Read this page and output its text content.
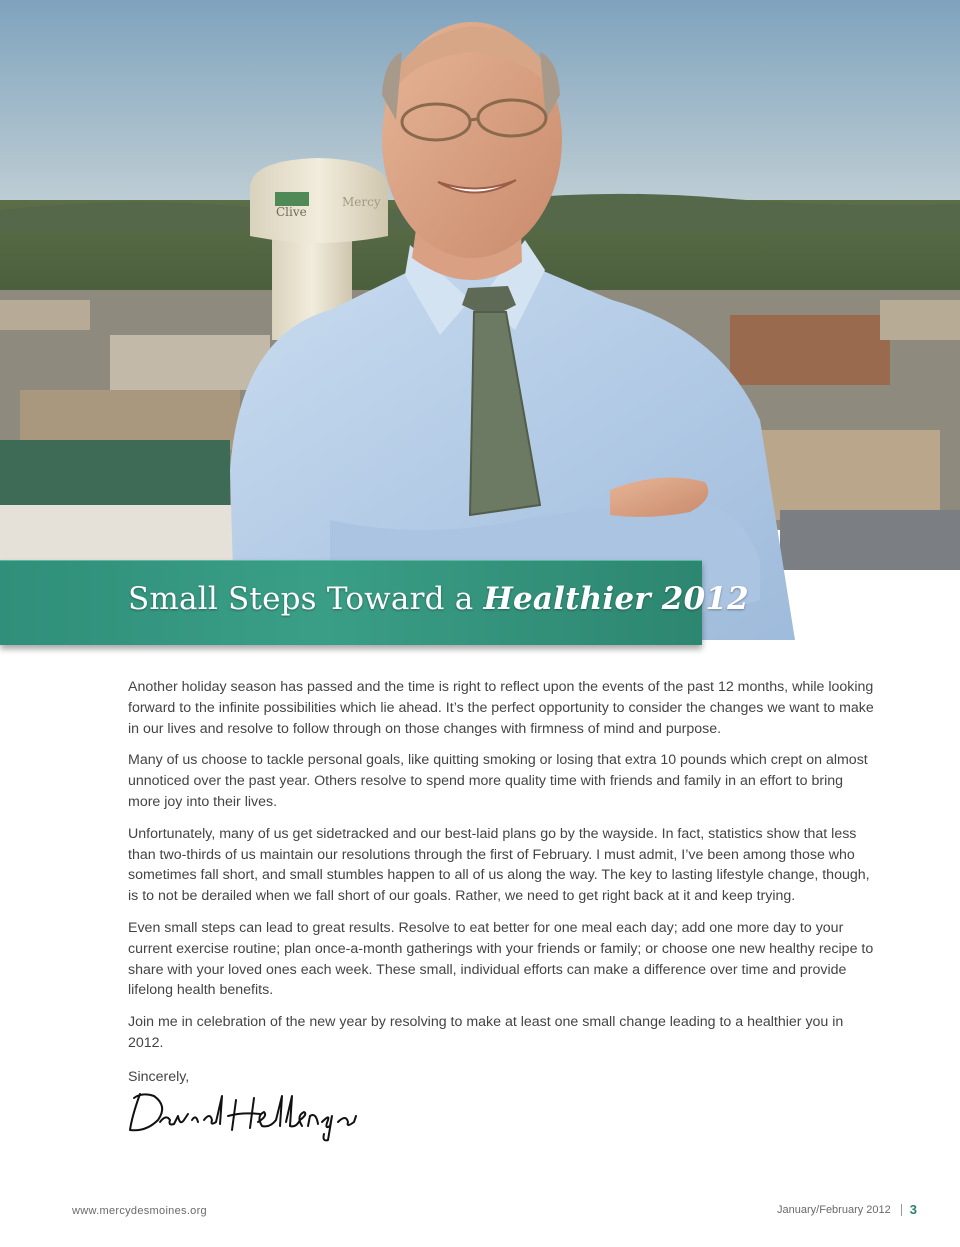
Clive
Mercy
Small Steps Toward a Healthier 2012

Another holiday season has passed and the time is right to reflect upon the events of the past 12 months, while looking forward to the infinite possibilities which lie ahead. It’s the perfect opportunity to consider the changes we want to make in our lives and resolve to follow through on those changes with firmness of mind and purpose.

Many of us choose to tackle personal goals, like quitting smoking or losing that extra 10 pounds which crept on almost unnoticed over the past year. Others resolve to spend more quality time with friends and family in an effort to bring more joy into their lives.

Unfortunately, many of us get sidetracked and our best-laid plans go by the wayside. In fact, statistics show that less than two-thirds of us maintain our resolutions through the first of February. I must admit, I’ve been among those who sometimes fall short, and small stumbles happen to all of us along the way. The key to lasting lifestyle change, though, is to not be derailed when we fall short of our goals. Rather, we need to get right back at it and keep trying.

Even small steps can lead to great results. Resolve to eat better for one meal each day; add one more day to your current exercise routine; plan once-a-month gatherings with your friends or family; or choose one new healthy recipe to share with your loved ones each week. These small, individual efforts can make a difference over time and provide lifelong health benefits.

Join me in celebration of the new year by resolving to make at least one small change leading to a healthier you in 2012.

Sincerely,
www.mercydesmoines.org	January/February 2012 3
